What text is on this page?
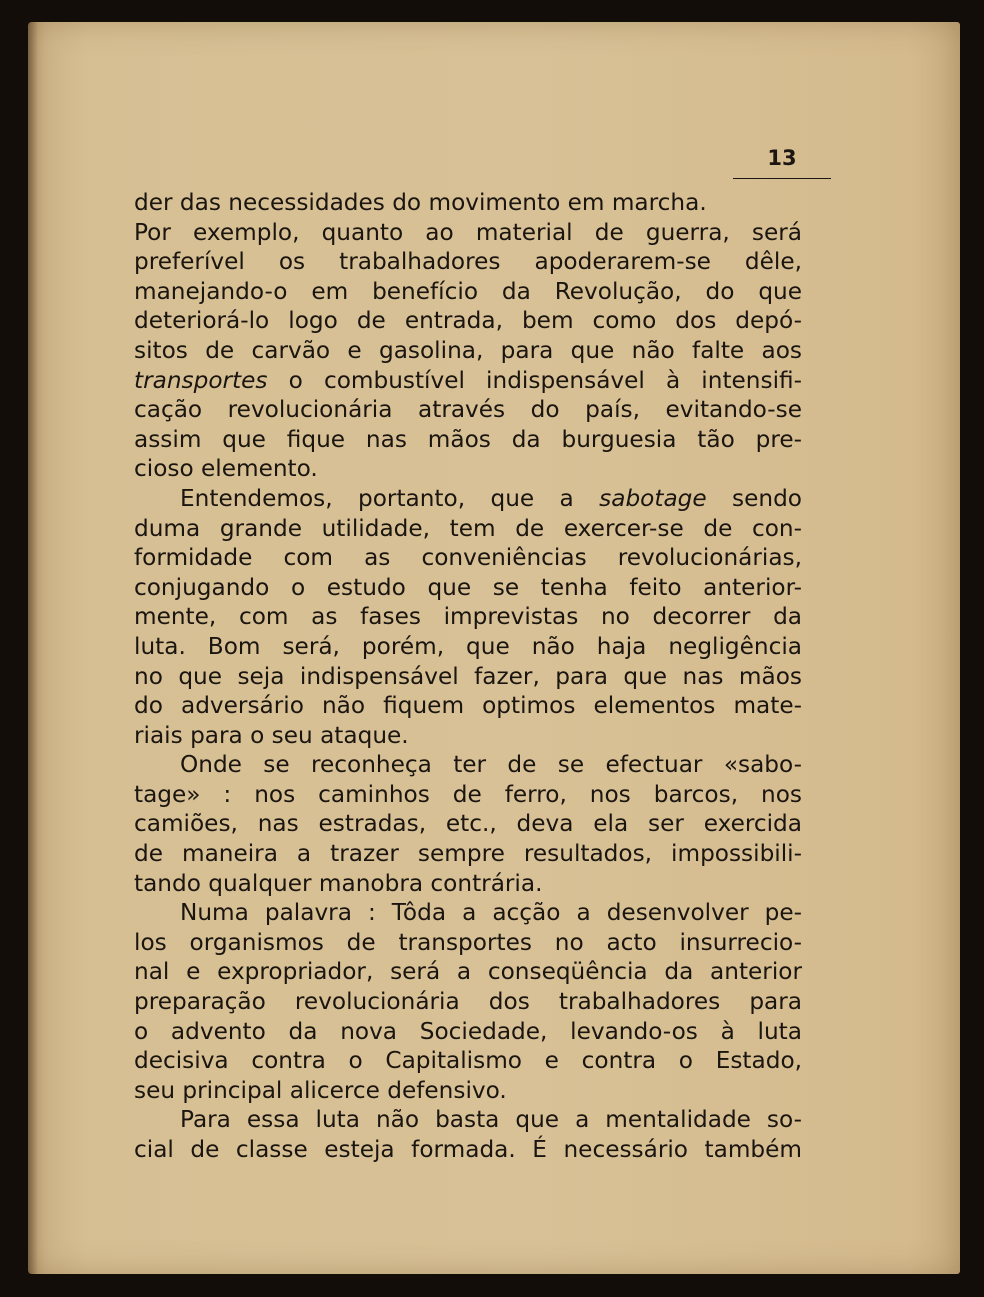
13
der das necessidades do movimento em marcha.
Por exemplo, quanto ao material de guerra, será
preferível os trabalhadores apoderarem-se dêle,
manejando-o em benefício da Revolução, do que
deteriorá-lo logo de entrada, bem como dos depó-
sitos de carvão e gasolina, para que não falte aos
transportes o combustível indispensável à intensifi-
cação revolucionária através do país, evitando-se
assim que fique nas mãos da burguesia tão pre-
cioso elemento.
Entendemos, portanto, que a sabotage sendo
duma grande utilidade, tem de exercer-se de con-
formidade com as conveniências revolucionárias,
conjugando o estudo que se tenha feito anterior-
mente, com as fases imprevistas no decorrer da
luta. Bom será, porém, que não haja negligência
no que seja indispensável fazer, para que nas mãos
do adversário não fiquem optimos elementos mate-
riais para o seu ataque.
Onde se reconheça ter de se efectuar «sabo-
tage» : nos caminhos de ferro, nos barcos, nos
camiões, nas estradas, etc., deva ela ser exercida
de maneira a trazer sempre resultados, impossibili-
tando qualquer manobra contrária.
Numa palavra : Tôda a acção a desenvolver pe-
los organismos de transportes no acto insurrecio-
nal e expropriador, será a conseqüência da anterior
preparação revolucionária dos trabalhadores para
o advento da nova Sociedade, levando-os à luta
decisiva contra o Capitalismo e contra o Estado,
seu principal alicerce defensivo.
Para essa luta não basta que a mentalidade so-
cial de classe esteja formada. É necessário também
